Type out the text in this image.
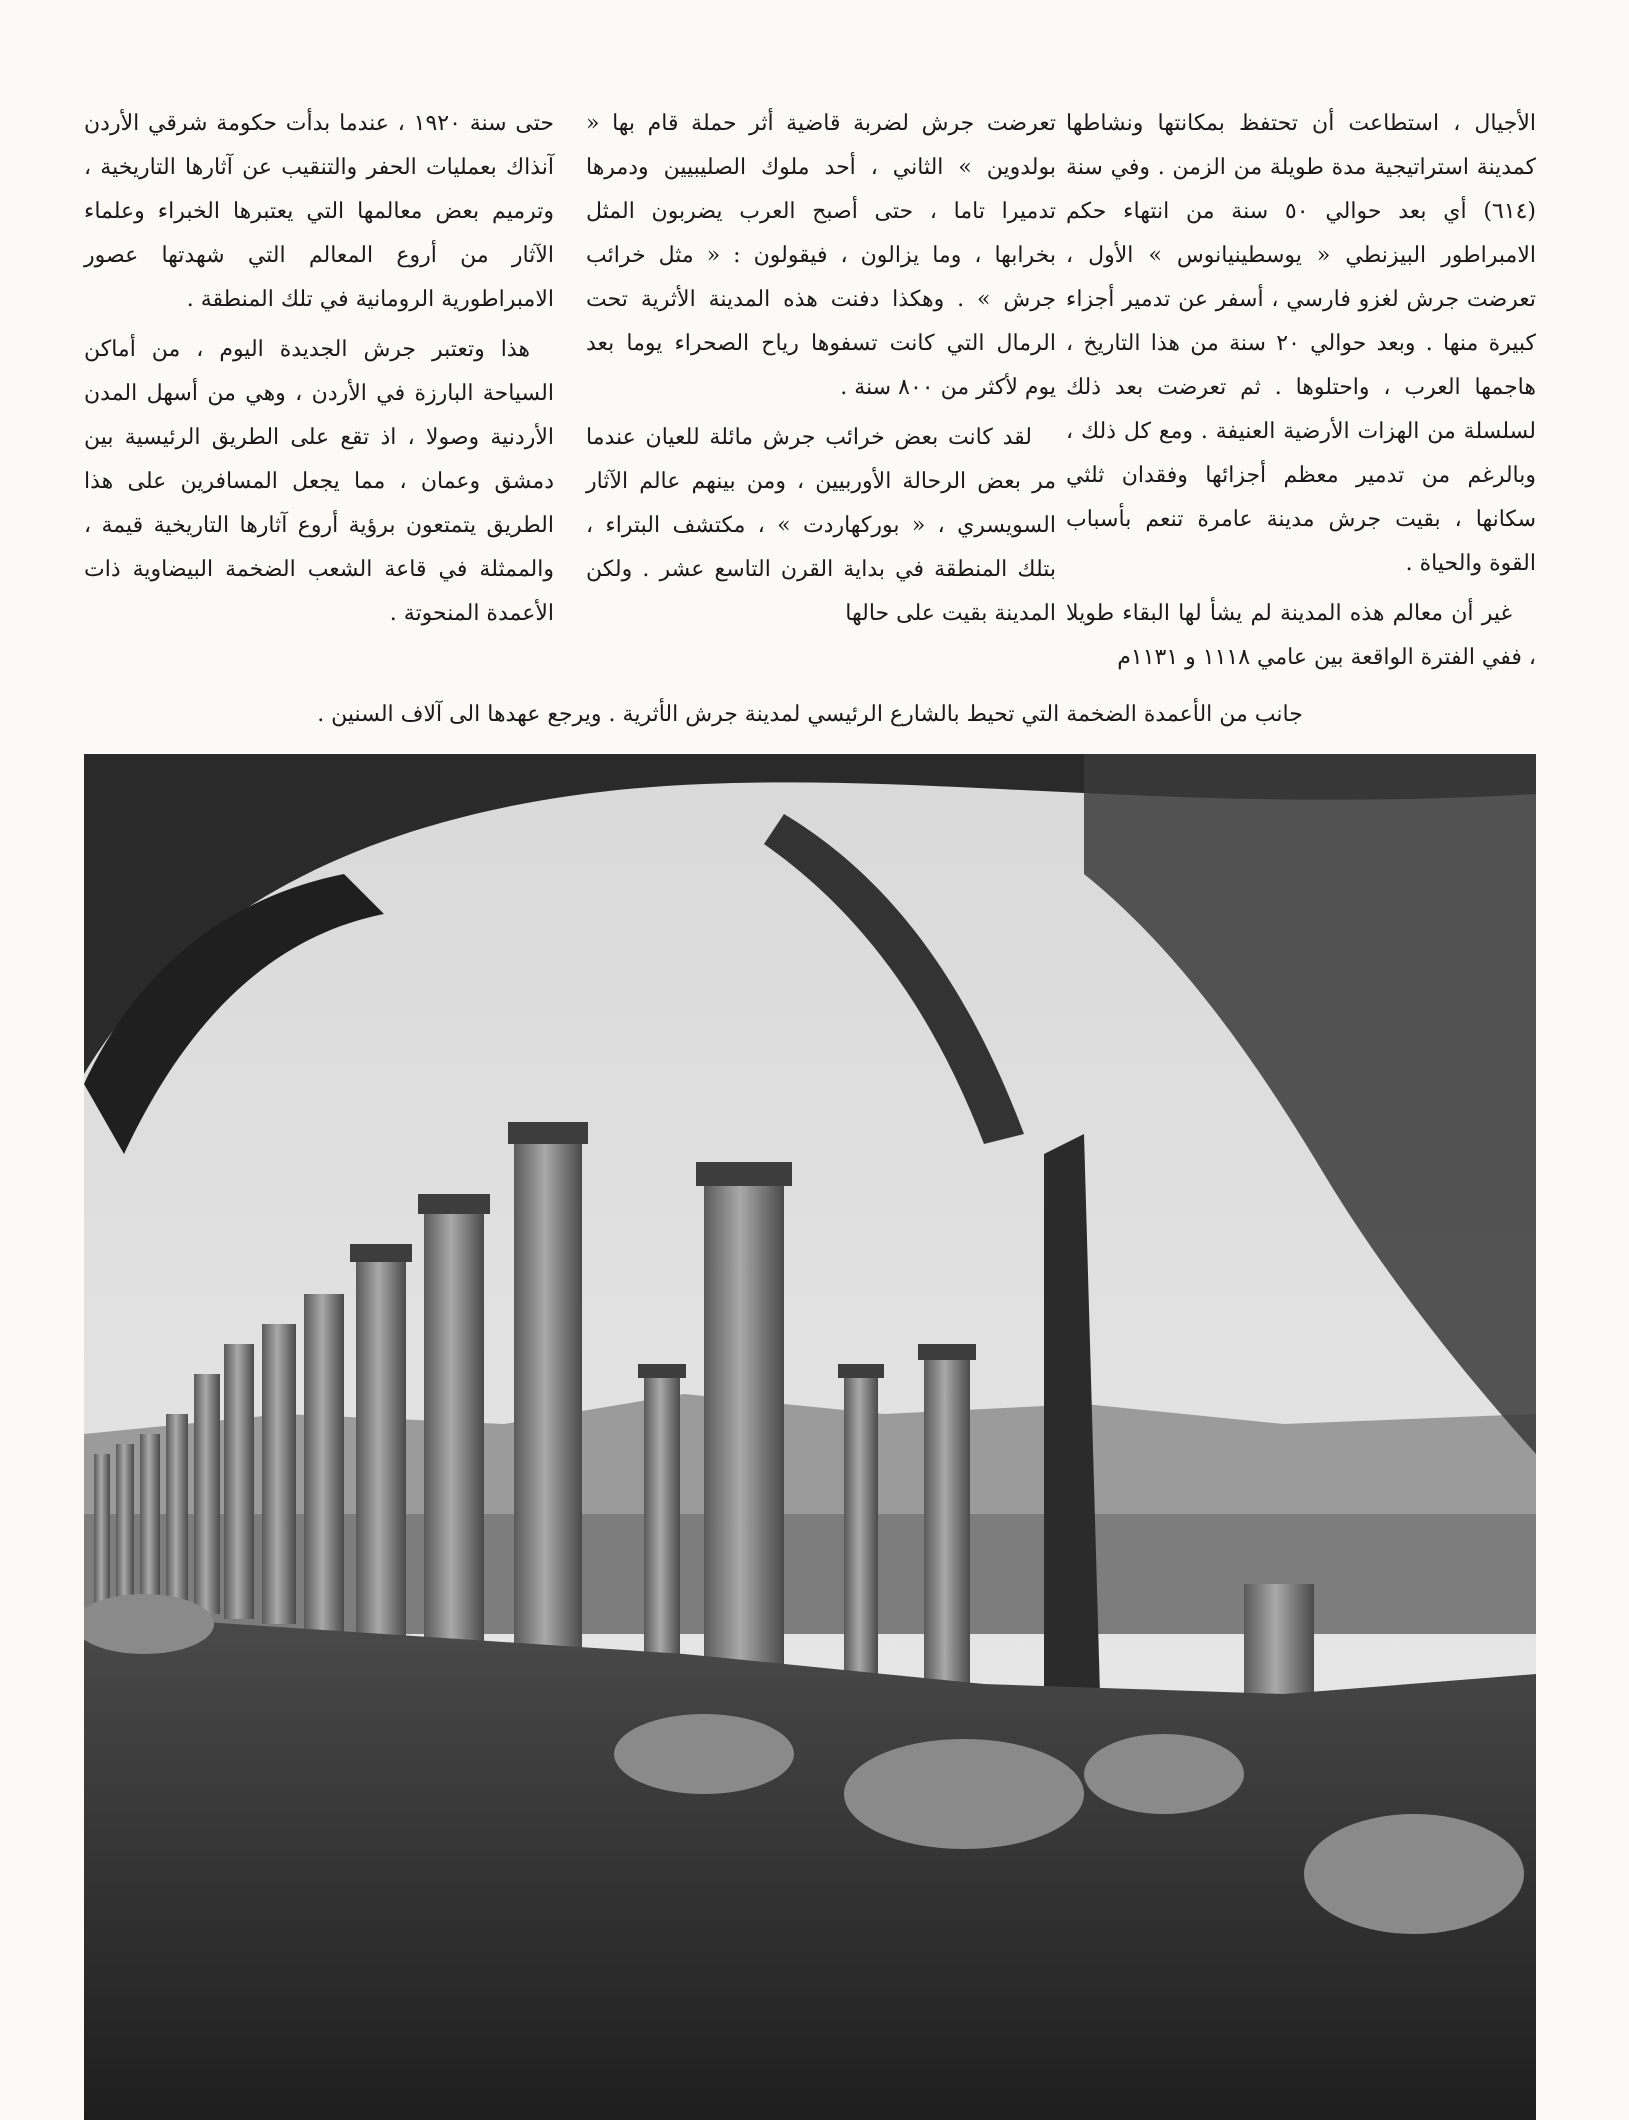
الأجيال ، استطاعت أن تحتفظ بمكانتها ونشاطها كمدينة استراتيجية مدة طويلة من الزمن . وفي سنة (٦١٤) أي بعد حوالي ٥٠ سنة من انتهاء حكم الامبراطور البيزنطي « يوسطينيانوس » الأول ، تعرضت جرش لغزو فارسي ، أسفر عن تدمير أجزاء كبيرة منها . وبعد حوالي ٢٠ سنة من هذا التاريخ ، هاجمها العرب ، واحتلوها . ثم تعرضت بعد ذلك لسلسلة من الهزات الأرضية العنيفة . ومع كل ذلك ، وبالرغم من تدمير معظم أجزائها وفقدان ثلثي سكانها ، بقيت جرش مدينة عامرة تنعم بأسباب القوة والحياة .

غير أن معالم هذه المدينة لم يشأ لها البقاء طويلا ، ففي الفترة الواقعة بين عامي ١١١٨ و ١١٣١م

تعرضت جرش لضربة قاضية أثر حملة قام بها « بولدوين » الثاني ، أحد ملوك الصليبيين ودمرها تدميرا تاما ، حتى أصبح العرب يضربون المثل بخرابها ، وما يزالون ، فيقولون : « مثل خرائب جرش » . وهكذا دفنت هذه المدينة الأثرية تحت الرمال التي كانت تسفوها رياح الصحراء يوما بعد يوم لأكثر من ٨٠٠ سنة .

لقد كانت بعض خرائب جرش مائلة للعيان عندما مر بعض الرحالة الأوربيين ، ومن بينهم عالم الآثار السويسري ، « بوركهاردت » ، مكتشف البتراء ، بتلك المنطقة في بداية القرن التاسع عشر . ولكن المدينة بقيت على حالها

حتى سنة ١٩٢٠ ، عندما بدأت حكومة شرقي الأردن آنذاك بعمليات الحفر والتنقيب عن آثارها التاريخية ، وترميم بعض معالمها التي يعتبرها الخبراء وعلماء الآثار من أروع المعالم التي شهدتها عصور الامبراطورية الرومانية في تلك المنطقة .

هذا وتعتبر جرش الجديدة اليوم ، من أماكن السياحة البارزة في الأردن ، وهي من أسهل المدن الأردنية وصولا ، اذ تقع على الطريق الرئيسية بين دمشق وعمان ، مما يجعل المسافرين على هذا الطريق يتمتعون برؤية أروع آثارها التاريخية قيمة ، والممثلة في قاعة الشعب الضخمة البيضاوية ذات الأعمدة المنحوتة .

جانب من الأعمدة الضخمة التي تحيط بالشارع الرئيسي لمدينة جرش الأثرية . ويرجع عهدها الى آلاف السنين .
